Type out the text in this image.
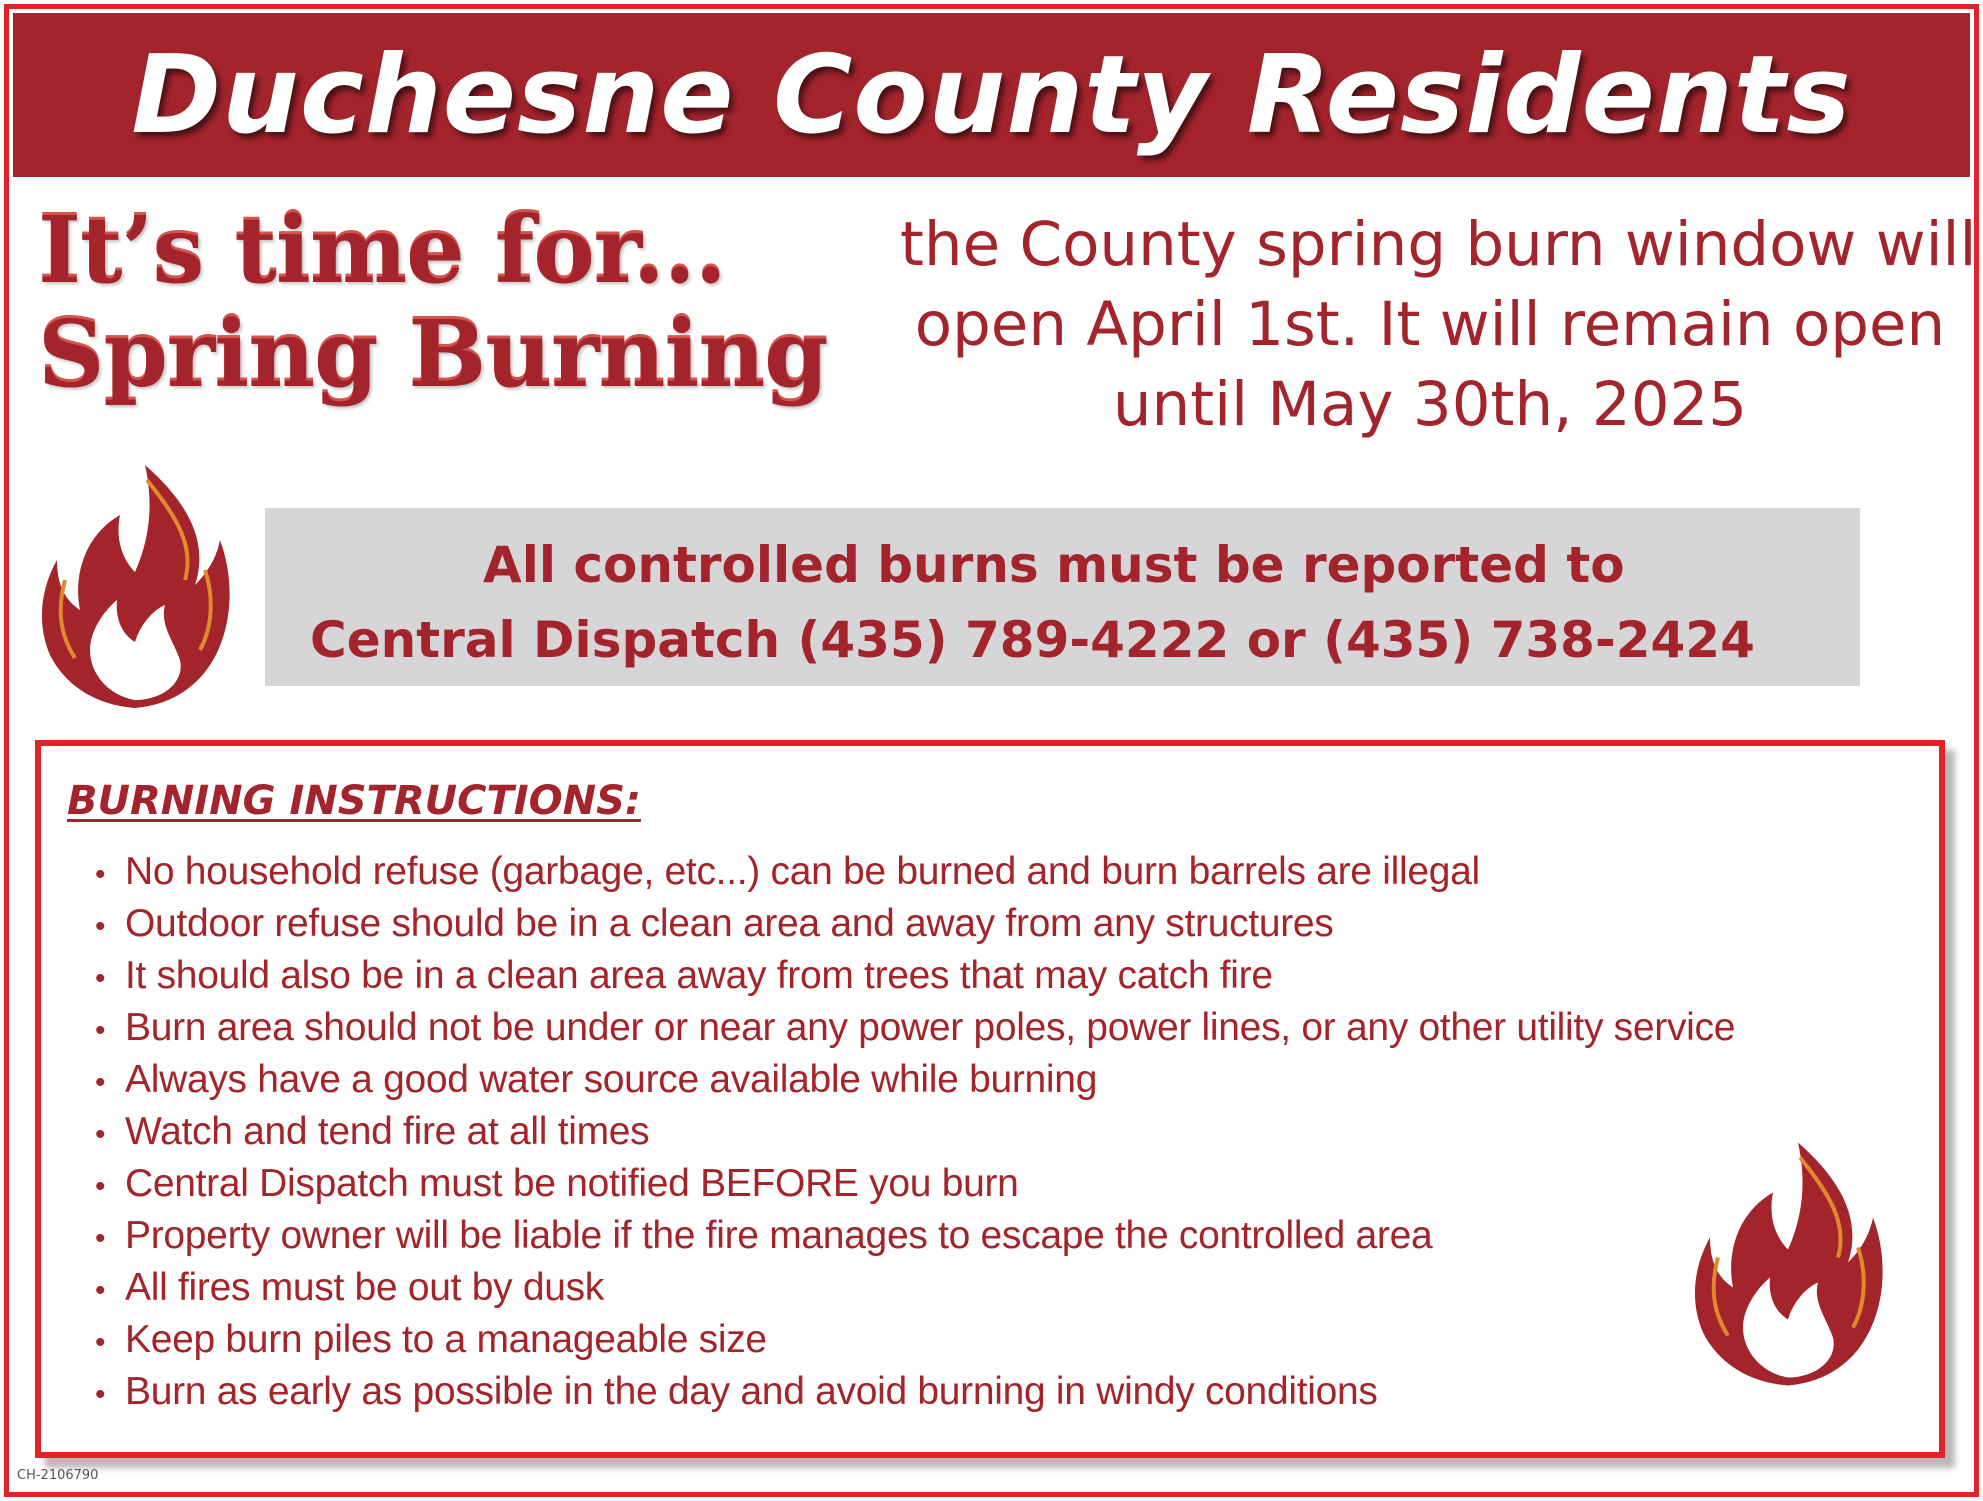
Duchesne County Residents
It’s time for...
Spring Burning
the County spring burn window will
open April 1st. It will remain open
until May 30th, 2025
All controlled burns must be reported to
Central Dispatch (435) 789-4222 or (435) 738-2424
BURNING INSTRUCTIONS:
• No household refuse (garbage, etc...) can be burned and burn barrels are illegal
• Outdoor refuse should be in a clean area and away from any structures
• It should also be in a clean area away from trees that may catch fire
• Burn area should not be under or near any power poles, power lines, or any other utility service
• Always have a good water source available while burning
• Watch and tend fire at all times
• Central Dispatch must be notified BEFORE you burn
• Property owner will be liable if the fire manages to escape the controlled area
• All fires must be out by dusk
• Keep burn piles to a manageable size
• Burn as early as possible in the day and avoid burning in windy conditions
CH-2106790
